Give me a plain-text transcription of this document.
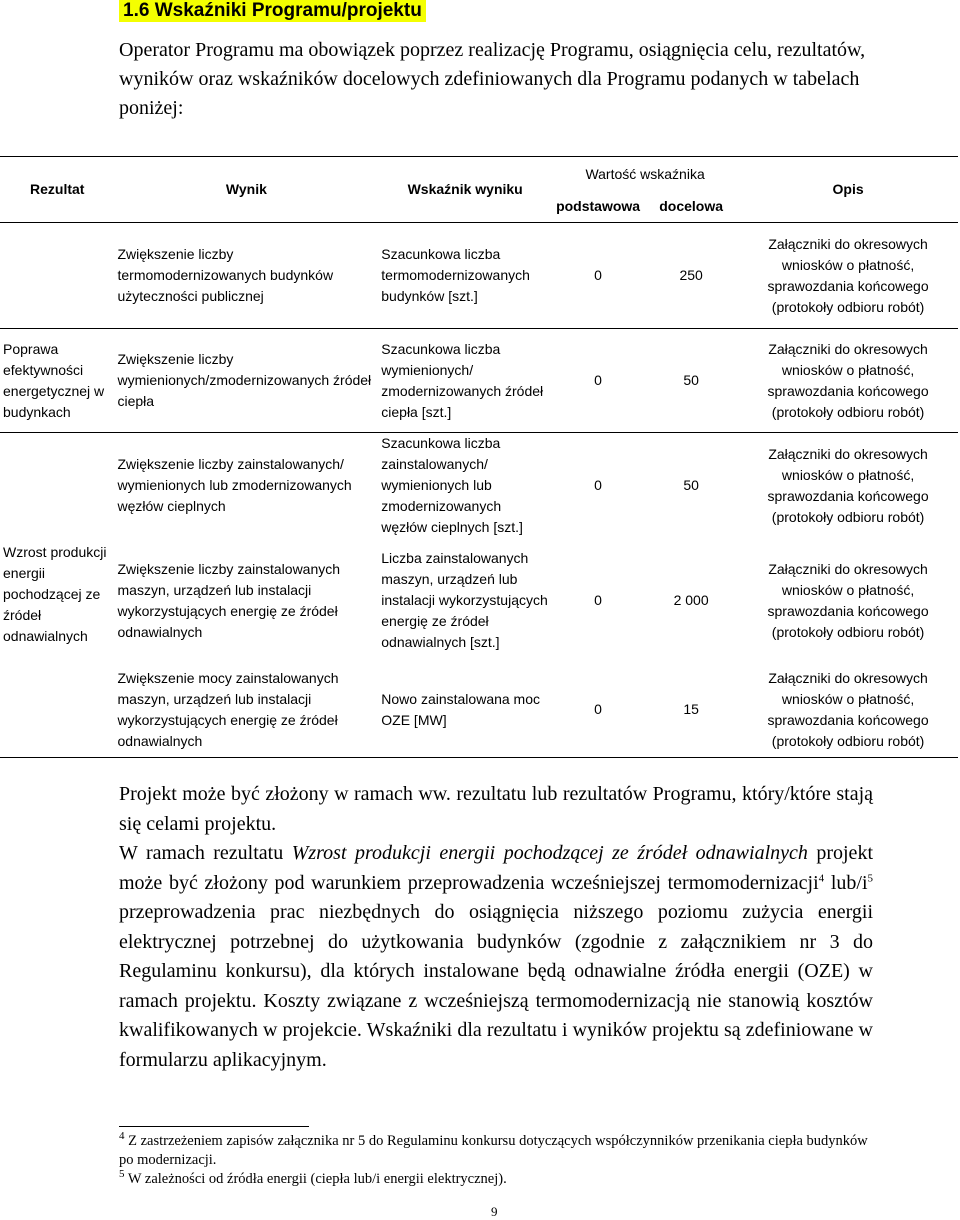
1.6 Wskaźniki Programu/projektu
Operator Programu ma obowiązek poprzez realizację Programu, osiągnięcia celu, rezultatów, wyników oraz wskaźników docelowych zdefiniowanych dla Programu podanych w tabelach poniżej:
Rezultat	Wynik	Wskaźnik wyniku	Wartość wskaźnika		Opis
			podstawowa	docelowa	
	Zwiększenie liczby termomodernizowanych budynków użyteczności publicznej	Szacunkowa liczba termomodernizowanych budynków [szt.]	0	250	Załączniki do okresowych wniosków o płatność, sprawozdania końcowego (protokoły odbioru robót)
Poprawa efektywności energetycznej w budynkach	Zwiększenie liczby wymienionych/zmodernizowanych źródeł ciepła	Szacunkowa liczba wymienionych/ zmodernizowanych źródeł ciepła [szt.]	0	50	Załączniki do okresowych wniosków o płatność, sprawozdania końcowego (protokoły odbioru robót)
Wzrost produkcji energii pochodzącej ze źródeł odnawialnych	Zwiększenie liczby zainstalowanych/ wymienionych lub zmodernizowanych węzłów cieplnych	Szacunkowa liczba zainstalowanych/ wymienionych lub zmodernizowanych węzłów cieplnych [szt.]	0	50	Załączniki do okresowych wniosków o płatność, sprawozdania końcowego (protokoły odbioru robót)
	Zwiększenie liczby zainstalowanych maszyn, urządzeń lub instalacji wykorzystujących energię ze źródeł odnawialnych	Liczba zainstalowanych maszyn, urządzeń lub instalacji wykorzystujących energię ze źródeł odnawialnych [szt.]	0	2 000	Załączniki do okresowych wniosków o płatność, sprawozdania końcowego (protokoły odbioru robót)
	Zwiększenie mocy zainstalowanych maszyn, urządzeń lub instalacji wykorzystujących energię ze źródeł odnawialnych	Nowo zainstalowana moc OZE [MW]	0	15	Załączniki do okresowych wniosków o płatność, sprawozdania końcowego (protokoły odbioru robót)
Projekt może być złożony w ramach ww. rezultatu lub rezultatów Programu, który/które stają się celami projektu.
W ramach rezultatu Wzrost produkcji energii pochodzącej ze źródeł odnawialnych projekt może być złożony pod warunkiem przeprowadzenia wcześniejszej termomodernizacji$^4$ lub/$i^5$ przeprowadzenia prac niezbędnych do osiągnięcia niższego poziomu zużycia energii elektrycznej potrzebnej do użytkowania budynków (zgodnie z załącznikiem nr 3 do Regulaminu konkursu), dla których instalowane będą odnawialne źródła energii (OZE) w ramach projektu. Koszty związane z wcześniejszą termomodernizacją nie stanowią kosztów kwalifikowanych w projekcie. Wskaźniki dla rezultatu i wyników projektu są zdefiniowane w formularzu aplikacyjnym.
$^4$ Z zastrzeżeniem zapisów załącznika nr 5 do Regulaminu konkursu dotyczących współczynników przenikania ciepła budynków po modernizacji.
$^5$ W zależności od źródła energii (ciepła lub/i energii elektrycznej).
9
